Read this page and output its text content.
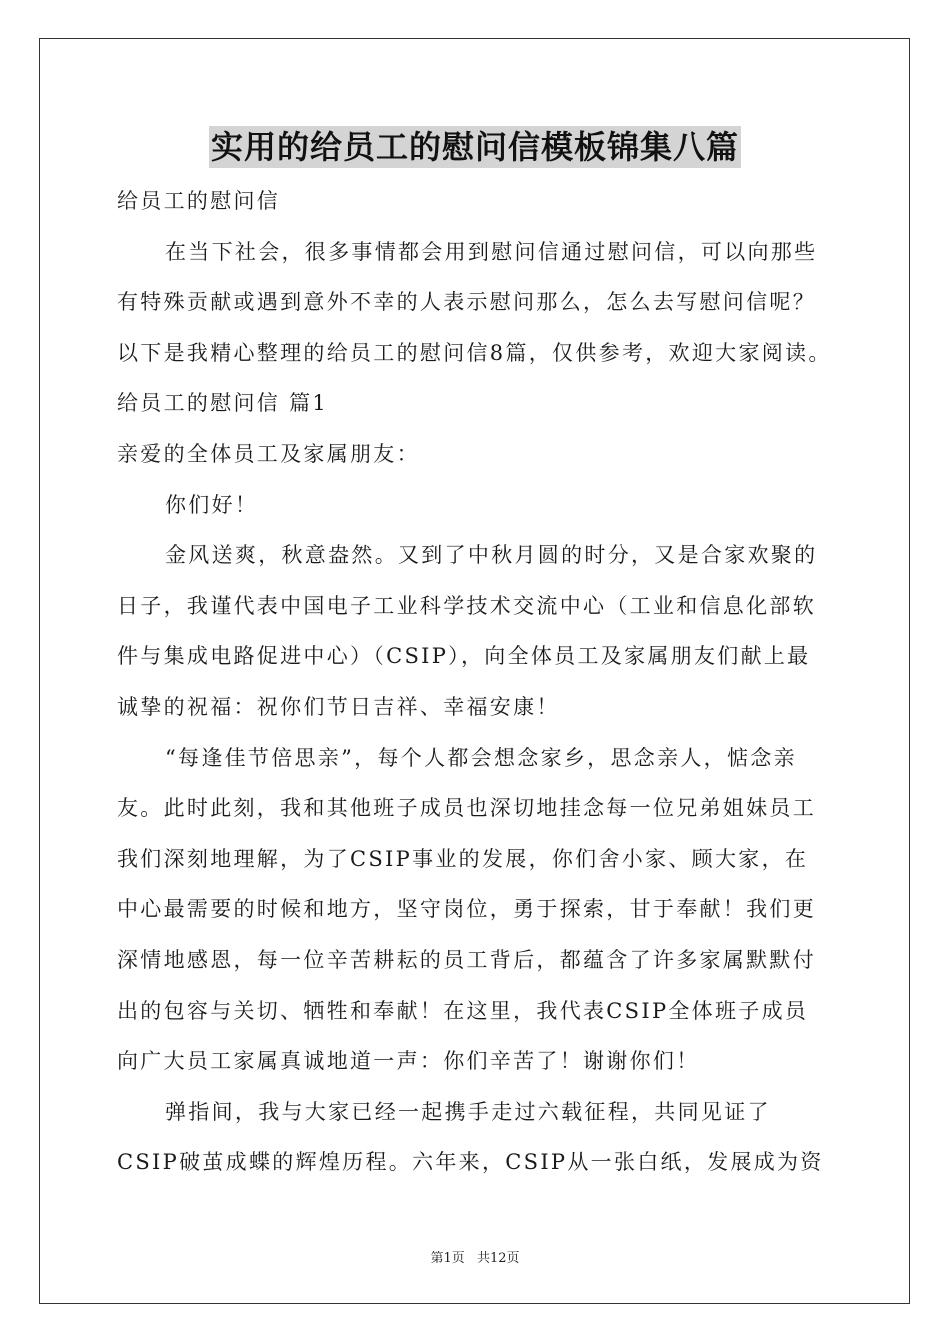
实用的给员工的慰问信模板锦集八篇
给员工的慰问信
在当下社会，很多事情都会用到慰问信通过慰问信，可以向那些
有特殊贡献或遇到意外不幸的人表示慰问那么，怎么去写慰问信呢？
以下是我精心整理的给员工的慰问信8篇，仅供参考，欢迎大家阅读。
给员工的慰问信 篇1
亲爱的全体员工及家属朋友：
你们好！
金风送爽，秋意盎然。又到了中秋月圆的时分，又是合家欢聚的
日子，我谨代表中国电子工业科学技术交流中心（工业和信息化部软
件与集成电路促进中心）（CSIP），向全体员工及家属朋友们献上最
诚挚的祝福：祝你们节日吉祥、幸福安康！
“每逢佳节倍思亲”，每个人都会想念家乡，思念亲人，惦念亲
友。此时此刻，我和其他班子成员也深切地挂念每一位兄弟姐妹员工
我们深刻地理解，为了CSIP事业的发展，你们舍小家、顾大家，在
中心最需要的时候和地方，坚守岗位，勇于探索，甘于奉献！我们更
深情地感恩，每一位辛苦耕耘的员工背后，都蕴含了许多家属默默付
出的包容与关切、牺牲和奉献！在这里，我代表CSIP全体班子成员
向广大员工家属真诚地道一声：你们辛苦了！谢谢你们！
弹指间，我与大家已经一起携手走过六载征程，共同见证了
CSIP破茧成蝶的辉煌历程。六年来，CSIP从一张白纸，发展成为资
第1页 共12页
